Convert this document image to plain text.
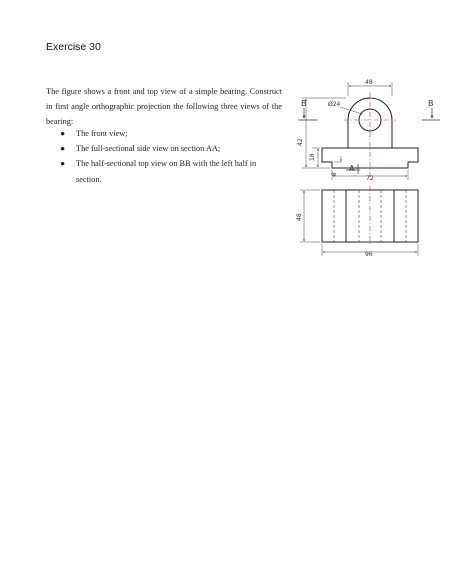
Exercise 30

The figure shows a front and top view of a simple bearing. Construct in first angle orthographic projection the following three views of the bearing:

● The front view;
● The full-sectional side view on section AA;
● The half-sectional top view on BB with the left half in section.
B	B
48
Ø24
42
18
8
A
72
48
96
